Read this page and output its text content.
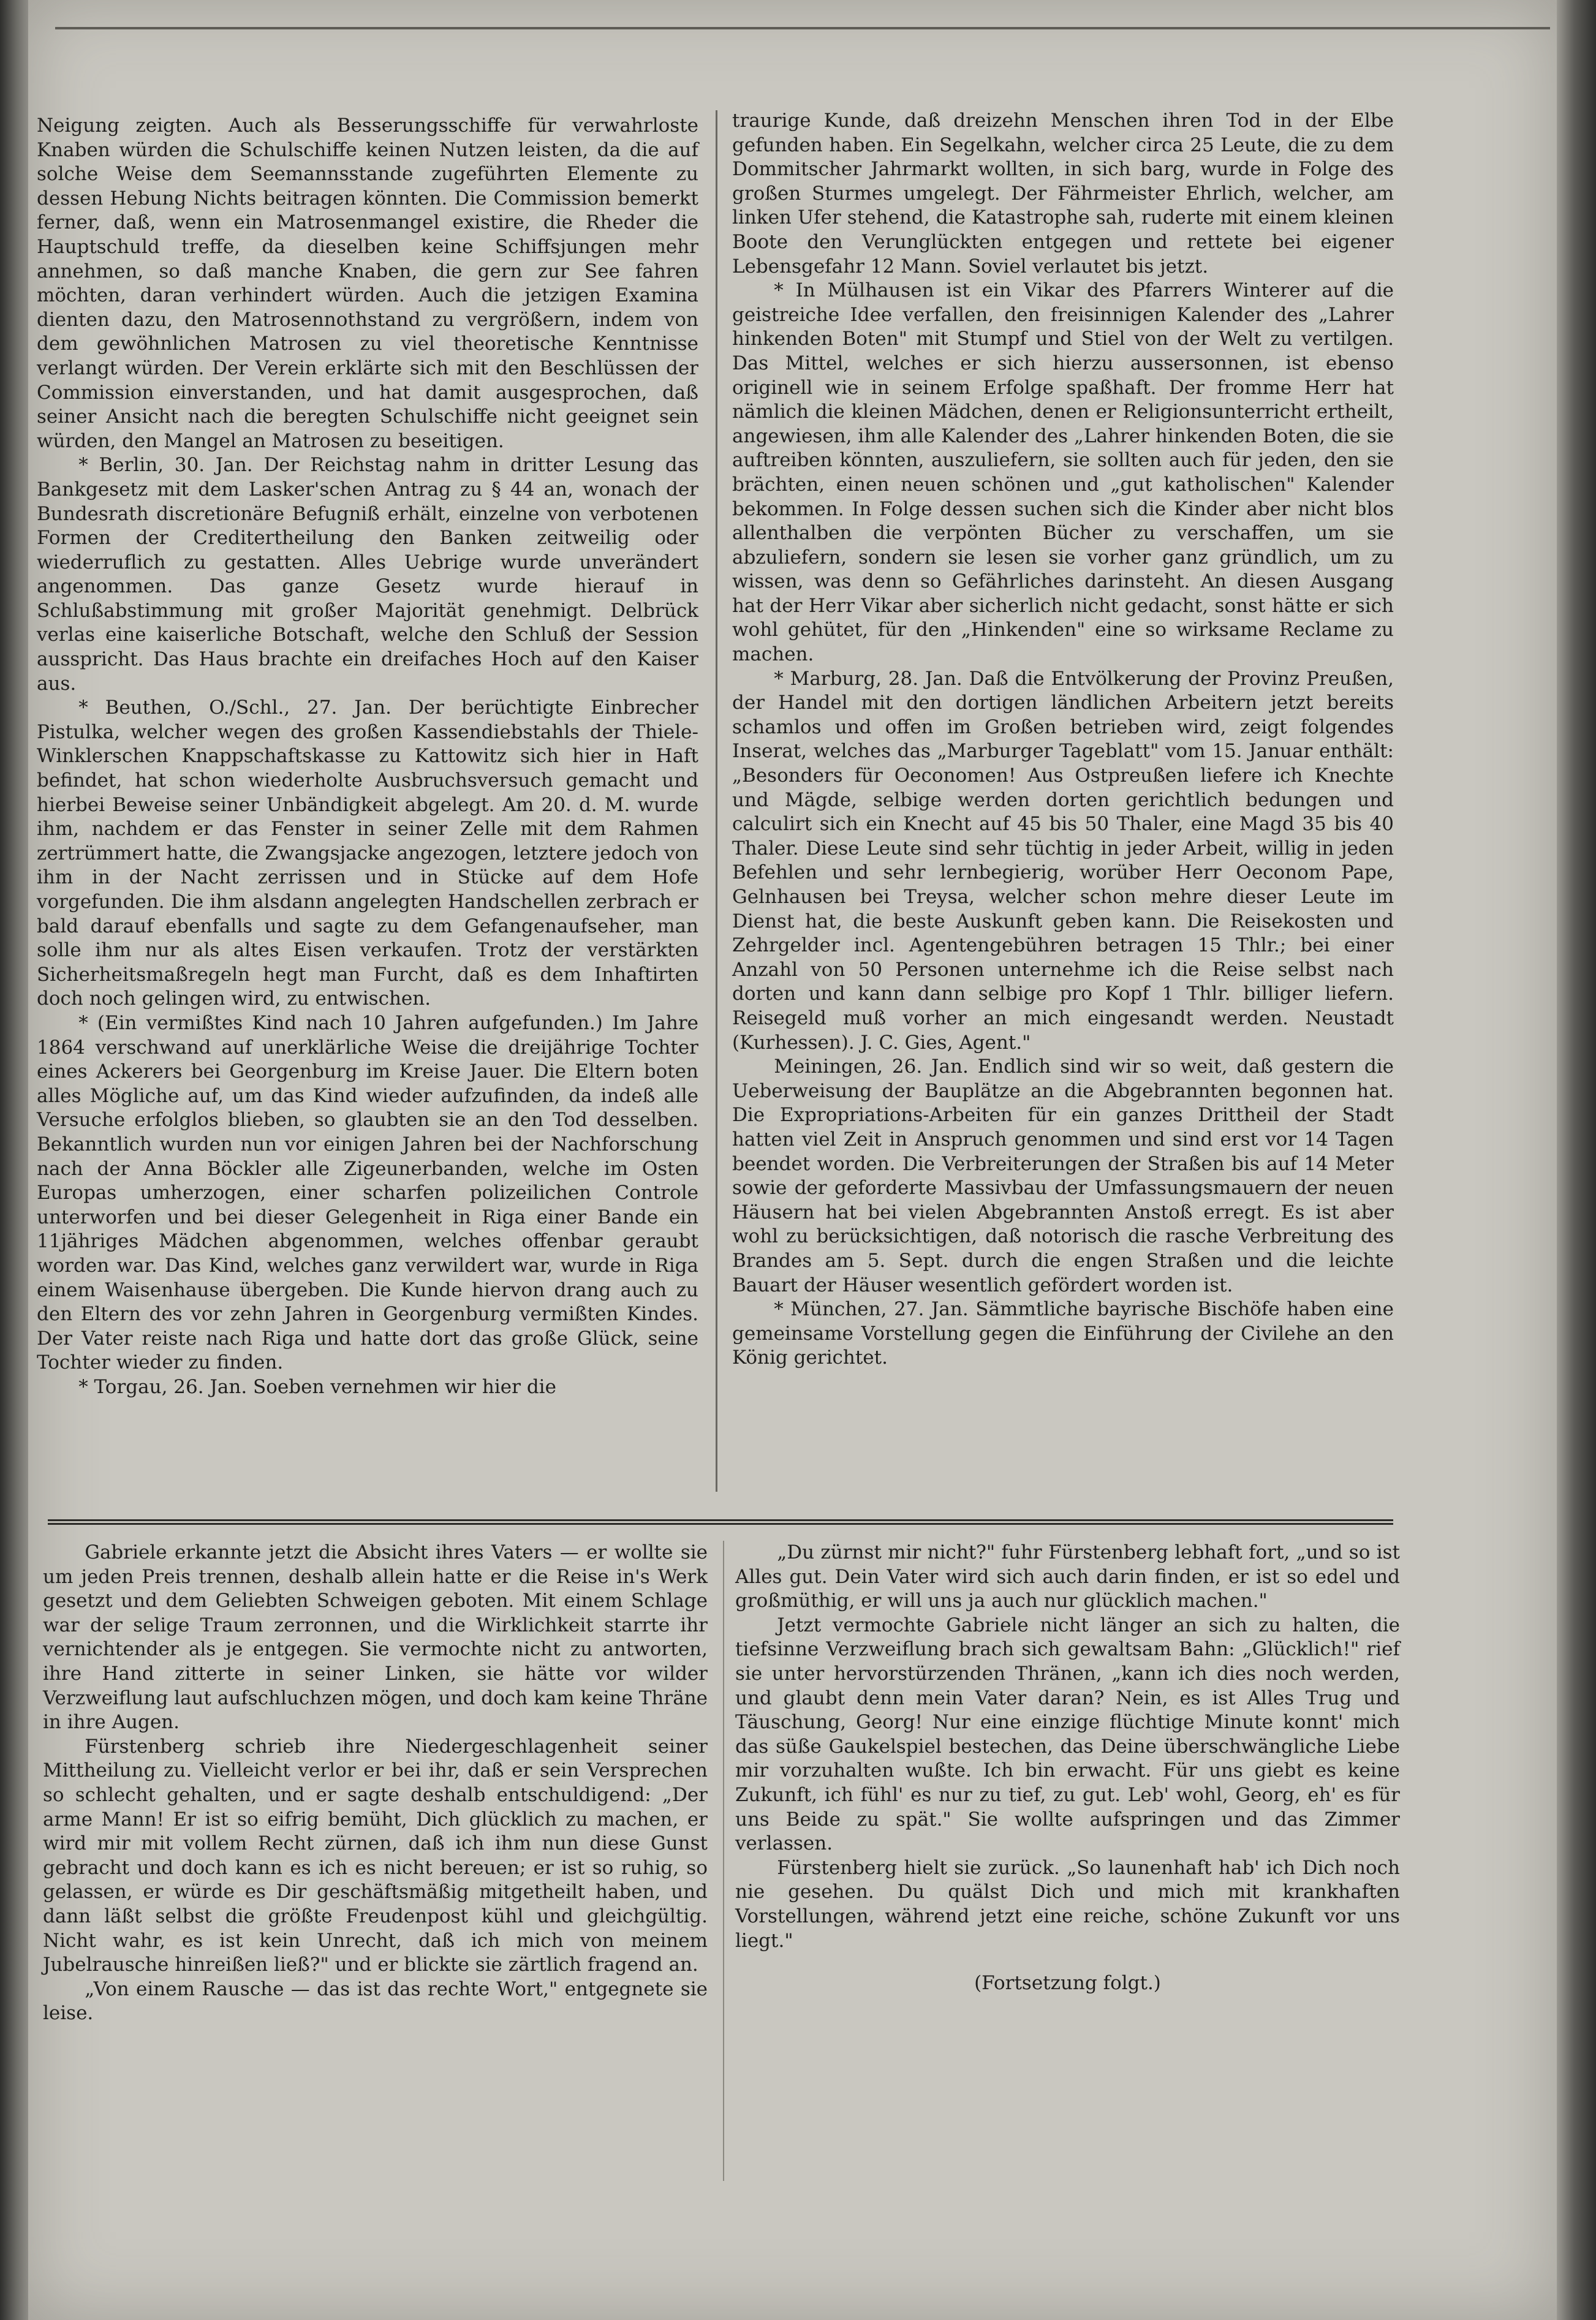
Neigung zeigten. Auch als Besserungsschiffe für verwahrloste Knaben würden die Schulschiffe keinen Nutzen leisten, da die auf solche Weise dem Seemannsstande zugeführten Elemente zu dessen Hebung Nichts beitragen könnten. Die Commission bemerkt ferner, daß, wenn ein Matrosenmangel existire, die Rheder die Hauptschuld treffe, da dieselben keine Schiffsjungen mehr annehmen, so daß manche Knaben, die gern zur See fahren möchten, daran verhindert würden. Auch die jetzigen Examina dienten dazu, den Matrosennothstand zu vergrößern, indem von dem gewöhnlichen Matrosen zu viel theoretische Kenntnisse verlangt würden. Der Verein erklärte sich mit den Beschlüssen der Commission einverstanden, und hat damit ausgesprochen, daß seiner Ansicht nach die beregten Schulschiffe nicht geeignet sein würden, den Mangel an Matrosen zu beseitigen.

* Berlin, 30. Jan. Der Reichstag nahm in dritter Lesung das Bankgesetz mit dem Lasker'schen Antrag zu § 44 an, wonach der Bundesrath discretionäre Befugniß erhält, einzelne von verbotenen Formen der Creditertheilung den Banken zeitweilig oder wiederruflich zu gestatten. Alles Uebrige wurde unverändert angenommen. Das ganze Gesetz wurde hierauf in Schlußabstimmung mit großer Majorität genehmigt. Delbrück verlas eine kaiserliche Botschaft, welche den Schluß der Session ausspricht. Das Haus brachte ein dreifaches Hoch auf den Kaiser aus.

* Beuthen, O./Schl., 27. Jan. Der berüchtigte Einbrecher Pistulka, welcher wegen des großen Kassendiebstahls der Thiele-Winklerschen Knappschaftskasse zu Kattowitz sich hier in Haft befindet, hat schon wiederholte Ausbruchsversuch gemacht und hierbei Beweise seiner Unbändigkeit abgelegt. Am 20. d. M. wurde ihm, nachdem er das Fenster in seiner Zelle mit dem Rahmen zertrümmert hatte, die Zwangsjacke angezogen, letztere jedoch von ihm in der Nacht zerrissen und in Stücke auf dem Hofe vorgefunden. Die ihm alsdann angelegten Handschellen zerbrach er bald darauf ebenfalls und sagte zu dem Gefangenaufseher, man solle ihm nur als altes Eisen verkaufen. Trotz der verstärkten Sicherheitsmaßregeln hegt man Furcht, daß es dem Inhaftirten doch noch gelingen wird, zu entwischen.

* (Ein vermißtes Kind nach 10 Jahren aufgefunden.) Im Jahre 1864 verschwand auf unerklärliche Weise die dreijährige Tochter eines Ackerers bei Georgenburg im Kreise Jauer. Die Eltern boten alles Mögliche auf, um das Kind wieder aufzufinden, da indeß alle Versuche erfolglos blieben, so glaubten sie an den Tod desselben. Bekanntlich wurden nun vor einigen Jahren bei der Nachforschung nach der Anna Böckler alle Zigeunerbanden, welche im Osten Europas umherzogen, einer scharfen polizeilichen Controle unterworfen und bei dieser Gelegenheit in Riga einer Bande ein 11jähriges Mädchen abgenommen, welches offenbar geraubt worden war. Das Kind, welches ganz verwildert war, wurde in Riga einem Waisenhause übergeben. Die Kunde hiervon drang auch zu den Eltern des vor zehn Jahren in Georgenburg vermißten Kindes. Der Vater reiste nach Riga und hatte dort das große Glück, seine Tochter wieder zu finden.

* Torgau, 26. Jan. Soeben vernehmen wir hier die

traurige Kunde, daß dreizehn Menschen ihren Tod in der Elbe gefunden haben. Ein Segelkahn, welcher circa 25 Leute, die zu dem Dommitscher Jahrmarkt wollten, in sich barg, wurde in Folge des großen Sturmes umgelegt. Der Fährmeister Ehrlich, welcher, am linken Ufer stehend, die Katastrophe sah, ruderte mit einem kleinen Boote den Verunglückten entgegen und rettete bei eigener Lebensgefahr 12 Mann. Soviel verlautet bis jetzt.

* In Mülhausen ist ein Vikar des Pfarrers Winterer auf die geistreiche Idee verfallen, den freisinnigen Kalender des „Lahrer hinkenden Boten" mit Stumpf und Stiel von der Welt zu vertilgen. Das Mittel, welches er sich hierzu aussersonnen, ist ebenso originell wie in seinem Erfolge spaßhaft. Der fromme Herr hat nämlich die kleinen Mädchen, denen er Religionsunterricht ertheilt, angewiesen, ihm alle Kalender des „Lahrer hinkenden Boten, die sie auftreiben könnten, auszuliefern, sie sollten auch für jeden, den sie brächten, einen neuen schönen und „gut katholischen" Kalender bekommen. In Folge dessen suchen sich die Kinder aber nicht blos allenthalben die verpönten Bücher zu verschaffen, um sie abzuliefern, sondern sie lesen sie vorher ganz gründlich, um zu wissen, was denn so Gefährliches darinsteht. An diesen Ausgang hat der Herr Vikar aber sicherlich nicht gedacht, sonst hätte er sich wohl gehütet, für den „Hinkenden" eine so wirksame Reclame zu machen.

* Marburg, 28. Jan. Daß die Entvölkerung der Provinz Preußen, der Handel mit den dortigen ländlichen Arbeitern jetzt bereits schamlos und offen im Großen betrieben wird, zeigt folgendes Inserat, welches das „Marburger Tageblatt" vom 15. Januar enthält: „Besonders für Oeconomen! Aus Ostpreußen liefere ich Knechte und Mägde, selbige werden dorten gerichtlich bedungen und calculirt sich ein Knecht auf 45 bis 50 Thaler, eine Magd 35 bis 40 Thaler. Diese Leute sind sehr tüchtig in jeder Arbeit, willig in jeden Befehlen und sehr lernbegierig, worüber Herr Oeconom Pape, Gelnhausen bei Treysa, welcher schon mehre dieser Leute im Dienst hat, die beste Auskunft geben kann. Die Reisekosten und Zehrgelder incl. Agentengebühren betragen 15 Thlr.; bei einer Anzahl von 50 Personen unternehme ich die Reise selbst nach dorten und kann dann selbige pro Kopf 1 Thlr. billiger liefern. Reisegeld muß vorher an mich eingesandt werden. Neustadt (Kurhessen). J. C. Gies, Agent."

Meiningen, 26. Jan. Endlich sind wir so weit, daß gestern die Ueberweisung der Bauplätze an die Abgebrannten begonnen hat. Die Expropriations-Arbeiten für ein ganzes Drittheil der Stadt hatten viel Zeit in Anspruch genommen und sind erst vor 14 Tagen beendet worden. Die Verbreiterungen der Straßen bis auf 14 Meter sowie der geforderte Massivbau der Umfassungsmauern der neuen Häusern hat bei vielen Abgebrannten Anstoß erregt. Es ist aber wohl zu berücksichtigen, daß notorisch die rasche Verbreitung des Brandes am 5. Sept. durch die engen Straßen und die leichte Bauart der Häuser wesentlich gefördert worden ist.

* München, 27. Jan. Sämmtliche bayrische Bischöfe haben eine gemeinsame Vorstellung gegen die Einführung der Civilehe an den König gerichtet.

Gabriele erkannte jetzt die Absicht ihres Vaters — er wollte sie um jeden Preis trennen, deshalb allein hatte er die Reise in's Werk gesetzt und dem Geliebten Schweigen geboten. Mit einem Schlage war der selige Traum zerronnen, und die Wirklichkeit starrte ihr vernichtender als je entgegen. Sie vermochte nicht zu antworten, ihre Hand zitterte in seiner Linken, sie hätte vor wilder Verzweiflung laut aufschluchzen mögen, und doch kam keine Thräne in ihre Augen.

Fürstenberg schrieb ihre Niedergeschlagenheit seiner Mittheilung zu. Vielleicht verlor er bei ihr, daß er sein Versprechen so schlecht gehalten, und er sagte deshalb entschuldigend: „Der arme Mann! Er ist so eifrig bemüht, Dich glücklich zu machen, er wird mir mit vollem Recht zürnen, daß ich ihm nun diese Gunst gebracht und doch kann es ich es nicht bereuen; er ist so ruhig, so gelassen, er würde es Dir geschäftsmäßig mitgetheilt haben, und dann läßt selbst die größte Freudenpost kühl und gleichgültig. Nicht wahr, es ist kein Unrecht, daß ich mich von meinem Jubelrausche hinreißen ließ?" und er blickte sie zärtlich fragend an.

„Von einem Rausche — das ist das rechte Wort," entgegnete sie leise.

„Du zürnst mir nicht?" fuhr Fürstenberg lebhaft fort, „und so ist Alles gut. Dein Vater wird sich auch darin finden, er ist so edel und großmüthig, er will uns ja auch nur glücklich machen."

Jetzt vermochte Gabriele nicht länger an sich zu halten, die tiefsinne Verzweiflung brach sich gewaltsam Bahn: „Glücklich!" rief sie unter hervorstürzenden Thränen, „kann ich dies noch werden, und glaubt denn mein Vater daran? Nein, es ist Alles Trug und Täuschung, Georg! Nur eine einzige flüchtige Minute konnt' mich das süße Gaukelspiel bestechen, das Deine überschwängliche Liebe mir vorzuhalten wußte. Ich bin erwacht. Für uns giebt es keine Zukunft, ich fühl' es nur zu tief, zu gut. Leb' wohl, Georg, eh' es für uns Beide zu spät." Sie wollte aufspringen und das Zimmer verlassen.

Fürstenberg hielt sie zurück. „So launenhaft hab' ich Dich noch nie gesehen. Du quälst Dich und mich mit krankhaften Vorstellungen, während jetzt eine reiche, schöne Zukunft vor uns liegt."

(Fortsetzung folgt.)
